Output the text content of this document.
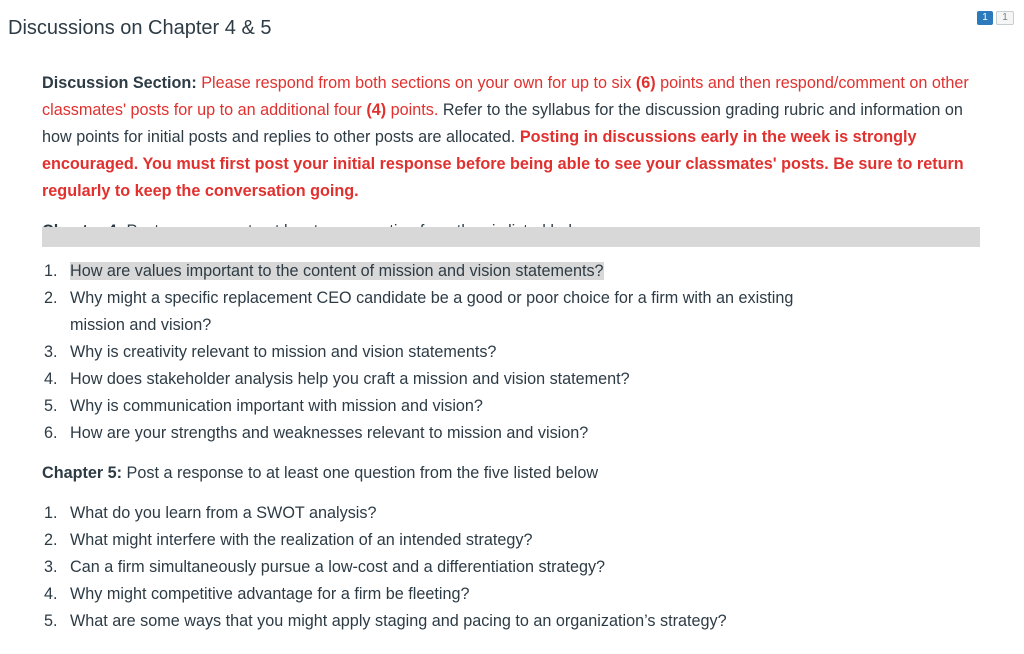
Discussions on Chapter 4 & 5	1	1

Discussion Section: Please respond from both sections on your own for up to six (6) points and then respond/comment on other classmates' posts for up to an additional four (4) points. Refer to the syllabus for the discussion grading rubric and information on how points for initial posts and replies to other posts are allocated. Posting in discussions early in the week is strongly encouraged. You must first post your initial response before being able to see your classmates' posts. Be sure to return regularly to keep the conversation going.

1. How are values important to the content of mission and vision statements?
2. Why might a specific replacement CEO candidate be a good or poor choice for a firm with an existing mission and vision?
3. Why is creativity relevant to mission and vision statements?
4. How does stakeholder analysis help you craft a mission and vision statement?
5. Why is communication important with mission and vision?
6. How are your strengths and weaknesses relevant to mission and vision?

Chapter 5: Post a response to at least one question from the five listed below

1. What do you learn from a SWOT analysis?
2. What might interfere with the realization of an intended strategy?
3. Can a firm simultaneously pursue a low-cost and a differentiation strategy?
4. Why might competitive advantage for a firm be fleeting?
5. What are some ways that you might apply staging and pacing to an organization’s strategy?
